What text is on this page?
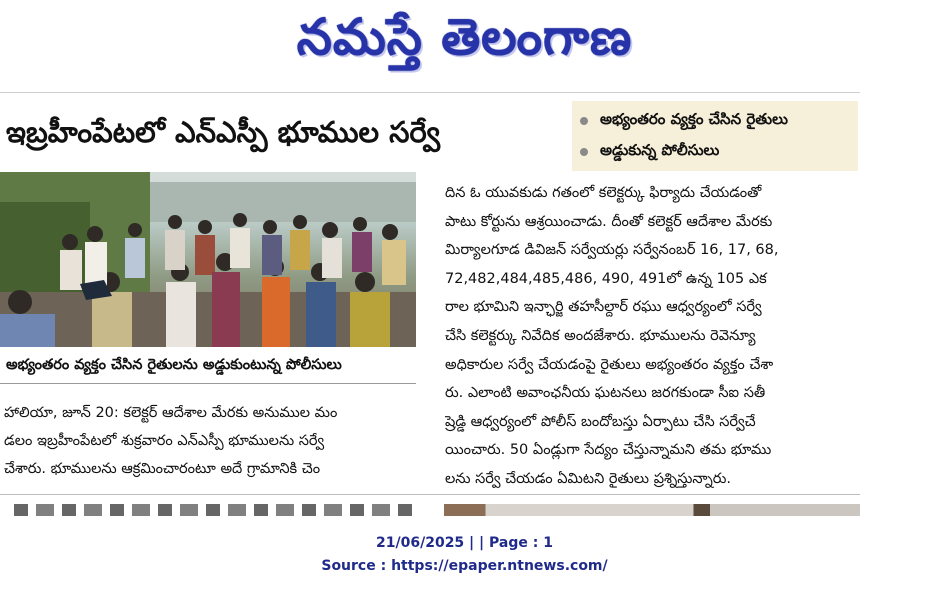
నమస్తే తెలంగాణ
ఇబ్రహీంపేటలో ఎన్ఎస్పీ భూముల సర్వే	అభ్యంతరం వ్యక్తం చేసిన రైతులు
అడ్డుకున్న పోలీసులు
అభ్యంతరం వ్యక్తం చేసిన రైతులను అడ్డుకుంటున్న పోలీసులు

హాలియా, జూన్ 20: కలెక్టర్ ఆదేశాల మేరకు అనుముల మం

డలం ఇబ్రహీంపేటలో శుక్రవారం ఎన్ఎస్పీ భూములను సర్వే

చేశారు. భూములను ఆక్రమించారంటూ అదే గ్రామానికి చెం

దిన ఓ యువకుడు గతంలో కలెక్టర్కు ఫిర్యాదు చేయడంతో

పాటు కోర్టును ఆశ్రయించాడు. దీంతో కలెక్టర్ ఆదేశాల మేరకు

మిర్యాలగూడ డివిజన్ సర్వేయర్లు సర్వేనంబర్ 16, 17, 68,

72,482,484,485,486, 490, 491లో ఉన్న 105 ఎక

రాల భూమిని ఇన్ఛార్జి తహసీల్దార్ రఘు ఆధ్వర్యంలో సర్వే

చేసి కలెక్టర్కు నివేదిక అందజేశారు. భూములను రెవెన్యూ

అధికారుల సర్వే చేయడంపై రైతులు అభ్యంతరం వ్యక్తం చేశా

రు. ఎలాంటి అవాంఛనీయ ఘటనలు జరగకుండా సీఐ సతీ

ష్రెడ్డి ఆధ్వర్యంలో పోలీస్ బందోబస్తు ఏర్పాటు చేసి సర్వేచే

యించారు. 50 ఏండ్లుగా సేద్యం చేస్తున్నామని తమ భూము

లను సర్వే చేయడం ఏమిటని రైతులు ప్రశ్నిస్తున్నారు.

21/06/2025 | | Page : 1
Source : https://epaper.ntnews.com/
